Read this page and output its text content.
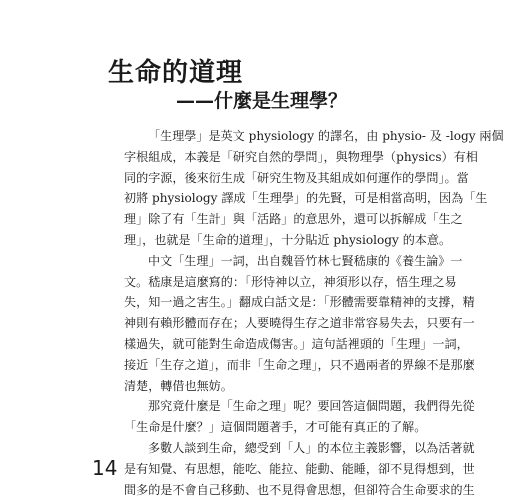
生命的道理
——什麼是生理學？
「生理學」是英文 physiology 的譯名，由 physio- 及 -logy 兩個
字根組成，本義是「研究自然的學問」，與物理學（physics）有相
同的字源，後來衍生成「研究生物及其組成如何運作的學問」。當
初將 physiology 譯成「生理學」的先賢，可是相當高明，因為「生
理」除了有「生計」與「活路」的意思外，還可以拆解成「生之
理」，也就是「生命的道理」，十分貼近 physiology 的本意。
中文「生理」一詞，出自魏晉竹林七賢嵇康的《養生論》一
文。嵇康是這麼寫的：「形恃神以立，神須形以存，悟生理之易
失，知一過之害生。」翻成白話文是：「形體需要靠精神的支撐，精
神則有賴形體而存在；人要曉得生存之道非常容易失去，只要有一
樣過失，就可能對生命造成傷害。」這句話裡頭的「生理」一詞，
接近「生存之道」，而非「生命之理」，只不過兩者的界線不是那麼
清楚，轉借也無妨。
那究竟什麼是「生命之理」呢？要回答這個問題，我們得先從
「生命是什麼？」這個問題著手，才可能有真正的了解。
多數人談到生命，總受到「人」的本位主義影響，以為活著就
是有知覺、有思想，能吃、能拉、能動、能睡，卻不見得想到，世
間多的是不會自己移動、也不見得會思想，但卻符合生命要求的生
14
